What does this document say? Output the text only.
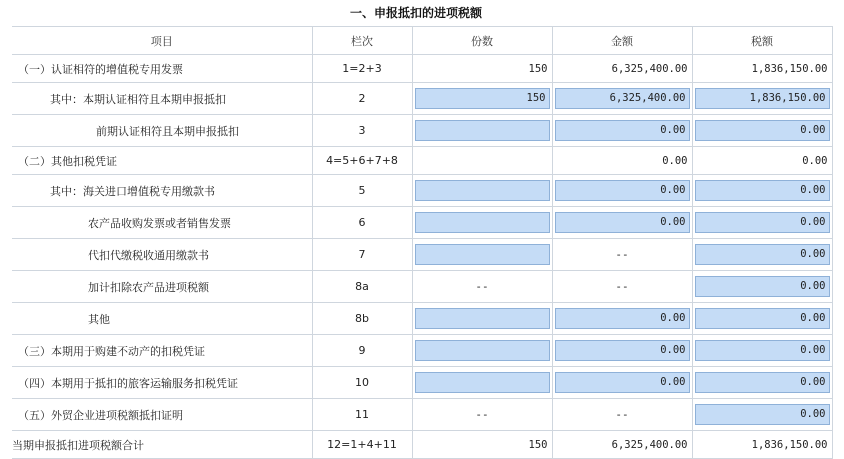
一、申报抵扣的进项税额
项目	栏次	份数	金额	税额
（一）认证相符的增值税专用发票	1=2+3	150	6,325,400.00	1,836,150.00
其中：本期认证相符且本期申报抵扣	2	150	6,325,400.00	1,836,150.00

前期认证相符且本期申报抵扣	3		0.00	0.00

（二）其他扣税凭证	4=5+6+7+8		0.00	0.00
其中：海关进口增值税专用缴款书	5		0.00	0.00

农产品收购发票或者销售发票	6		0.00	0.00

代扣代缴税收通用缴款书	7		--	0.00

加计扣除农产品进项税额	8a	--	--	0.00

其他	8b		0.00	0.00

（三）本期用于购建不动产的扣税凭证	9		0.00	0.00

（四）本期用于抵扣的旅客运输服务扣税凭证	10		0.00	0.00

（五）外贸企业进项税额抵扣证明	11	--	--	0.00

当期申报抵扣进项税额合计	12=1+4+11	150	6,325,400.00	1,836,150.00
